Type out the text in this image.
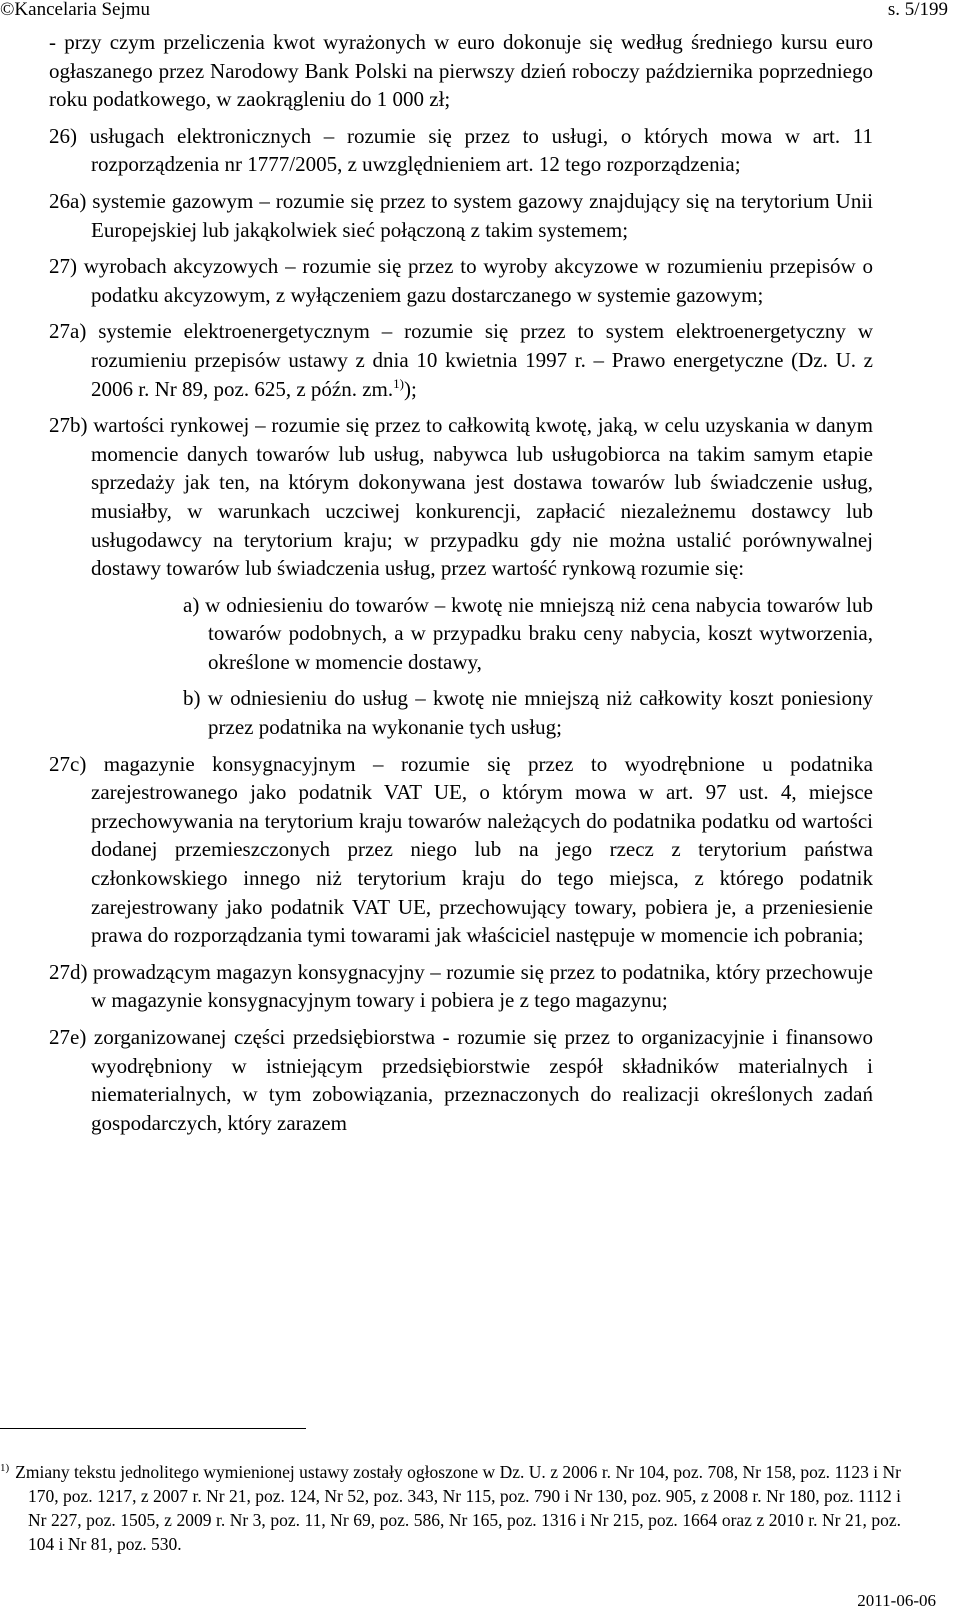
©Kancelaria Sejmu	s. 5/199

- przy czym przeliczenia kwot wyrażonych w euro dokonuje się według średniego kursu euro ogłaszanego przez Narodowy Bank Polski na pierwszy dzień roboczy października poprzedniego roku podatkowego, w zaokrągleniu do 1 000 zł;

26) usługach elektronicznych – rozumie się przez to usługi, o których mowa w art. 11 rozporządzenia nr 1777/2005, z uwzględnieniem art. 12 tego rozporządzenia;

26a) systemie gazowym – rozumie się przez to system gazowy znajdujący się na terytorium Unii Europejskiej lub jakąkolwiek sieć połączoną z takim systemem;

27) wyrobach akcyzowych – rozumie się przez to wyroby akcyzowe w rozumieniu przepisów o podatku akcyzowym, z wyłączeniem gazu dostarczanego w systemie gazowym;

27a) systemie elektroenergetycznym – rozumie się przez to system elektroenergetyczny w rozumieniu przepisów ustawy z dnia 10 kwietnia 1997 r. – Prawo energetyczne (Dz. U. z 2006 r. Nr 89, poz. 625, z późn. zm.$^{1)}$);

27b) wartości rynkowej – rozumie się przez to całkowitą kwotę, jaką, w celu uzyskania w danym momencie danych towarów lub usług, nabywca lub usługobiorca na takim samym etapie sprzedaży jak ten, na którym dokonywana jest dostawa towarów lub świadczenie usług, musiałby, w warunkach uczciwej konkurencji, zapłacić niezależnemu dostawcy lub usługodawcy na terytorium kraju; w przypadku gdy nie można ustalić porównywalnej dostawy towarów lub świadczenia usług, przez wartość rynkową rozumie się:

a) w odniesieniu do towarów – kwotę nie mniejszą niż cena nabycia towarów lub towarów podobnych, a w przypadku braku ceny nabycia, koszt wytworzenia, określone w momencie dostawy,

b) w odniesieniu do usług – kwotę nie mniejszą niż całkowity koszt poniesiony przez podatnika na wykonanie tych usług;

27c) magazynie konsygnacyjnym – rozumie się przez to wyodrębnione u podatnika zarejestrowanego jako podatnik VAT UE, o którym mowa w art. 97 ust. 4, miejsce przechowywania na terytorium kraju towarów należących do podatnika podatku od wartości dodanej przemieszczonych przez niego lub na jego rzecz z terytorium państwa członkowskiego innego niż terytorium kraju do tego miejsca, z którego podatnik zarejestrowany jako podatnik VAT UE, przechowujący towary, pobiera je, a przeniesienie prawa do rozporządzania tymi towarami jak właściciel następuje w momencie ich pobrania;

27d) prowadzącym magazyn konsygnacyjny – rozumie się przez to podatnika, który przechowuje w magazynie konsygnacyjnym towary i pobiera je z tego magazynu;

27e) zorganizowanej części przedsiębiorstwa - rozumie się przez to organizacyjnie i finansowo wyodrębniony w istniejącym przedsiębiorstwie zespół składników materialnych i niematerialnych, w tym zobowiązania, przeznaczonych do realizacji określonych zadań gospodarczych, który zarazem

$^{1)}$ Zmiany tekstu jednolitego wymienionej ustawy zostały ogłoszone w Dz. U. z 2006 r. Nr 104, poz. 708, Nr 158, poz. 1123 i Nr 170, poz. 1217, z 2007 r. Nr 21, poz. 124, Nr 52, poz. 343, Nr 115, poz. 790 i Nr 130, poz. 905, z 2008 r. Nr 180, poz. 1112 i Nr 227, poz. 1505, z 2009 r. Nr 3, poz. 11, Nr 69, poz. 586, Nr 165, poz. 1316 i Nr 215, poz. 1664 oraz z 2010 r. Nr 21, poz. 104 i Nr 81, poz. 530.
2011-06-06
